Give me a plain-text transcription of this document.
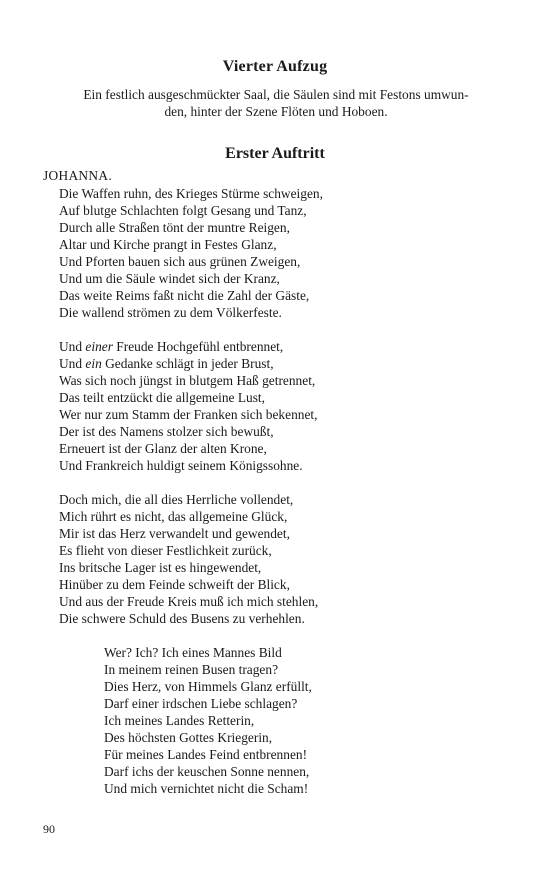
Vierter Aufzug
Ein festlich ausgeschmückter Saal, die Säulen sind mit Festons umwun-
den, hinter der Szene Flöten und Hoboen.
Erster Auftritt
JOHANNA.
Die Waffen ruhn, des Krieges Stürme schweigen,
Auf blutge Schlachten folgt Gesang und Tanz,
Durch alle Straßen tönt der muntre Reigen,
Altar und Kirche prangt in Festes Glanz,
Und Pforten bauen sich aus grünen Zweigen,
Und um die Säule windet sich der Kranz,
Das weite Reims faßt nicht die Zahl der Gäste,
Die wallend strömen zu dem Völkerfeste.
Und einer Freude Hochgefühl entbrennet,
Und ein Gedanke schlägt in jeder Brust,
Was sich noch jüngst in blutgem Haß getrennet,
Das teilt entzückt die allgemeine Lust,
Wer nur zum Stamm der Franken sich bekennet,
Der ist des Namens stolzer sich bewußt,
Erneuert ist der Glanz der alten Krone,
Und Frankreich huldigt seinem Königssohne.
Doch mich, die all dies Herrliche vollendet,
Mich rührt es nicht, das allgemeine Glück,
Mir ist das Herz verwandelt und gewendet,
Es flieht von dieser Festlichkeit zurück,
Ins britsche Lager ist es hingewendet,
Hinüber zu dem Feinde schweift der Blick,
Und aus der Freude Kreis muß ich mich stehlen,
Die schwere Schuld des Busens zu verhehlen.
Wer? Ich? Ich eines Mannes Bild
In meinem reinen Busen tragen?
Dies Herz, von Himmels Glanz erfüllt,
Darf einer irdschen Liebe schlagen?
Ich meines Landes Retterin,
Des höchsten Gottes Kriegerin,
Für meines Landes Feind entbrennen!
Darf ichs der keuschen Sonne nennen,
Und mich vernichtet nicht die Scham!
90
